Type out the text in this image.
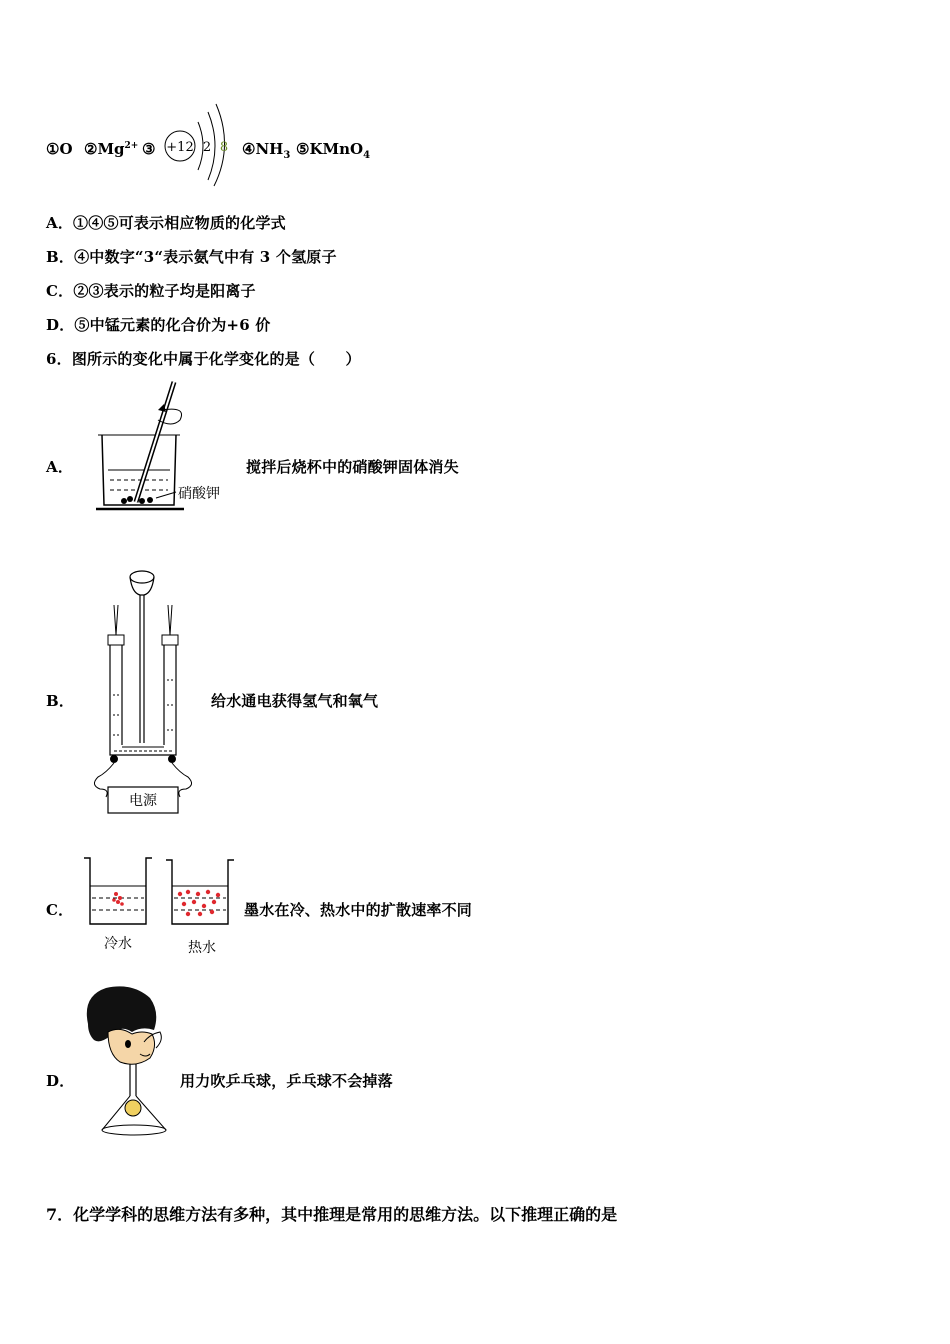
①O $②Mg^{2+}$ ③	$④NH_3$ ⑤KMnO$_4$
+12 2 8
A．①④⑤可表示相应物质的化学式
B．④中数字“3“表示氨气中有 3 个氢原子
C．②③表示的粒子均是阳离子
D．⑤中锰元素的化合价为+6 价
6．图所示的变化中属于化学变化的是（　　）
A．
硝酸钾
搅拌后烧杯中的硝酸钾固体消失
B．
电源
给水通电获得氢气和氧气
C．
冷水	热水
墨水在冷、热水中的扩散速率不同
D．	用力吹乒乓球，乒乓球不会掉落
7．化学学科的思维方法有多种，其中推理是常用的思维方法。以下推理正确的是
